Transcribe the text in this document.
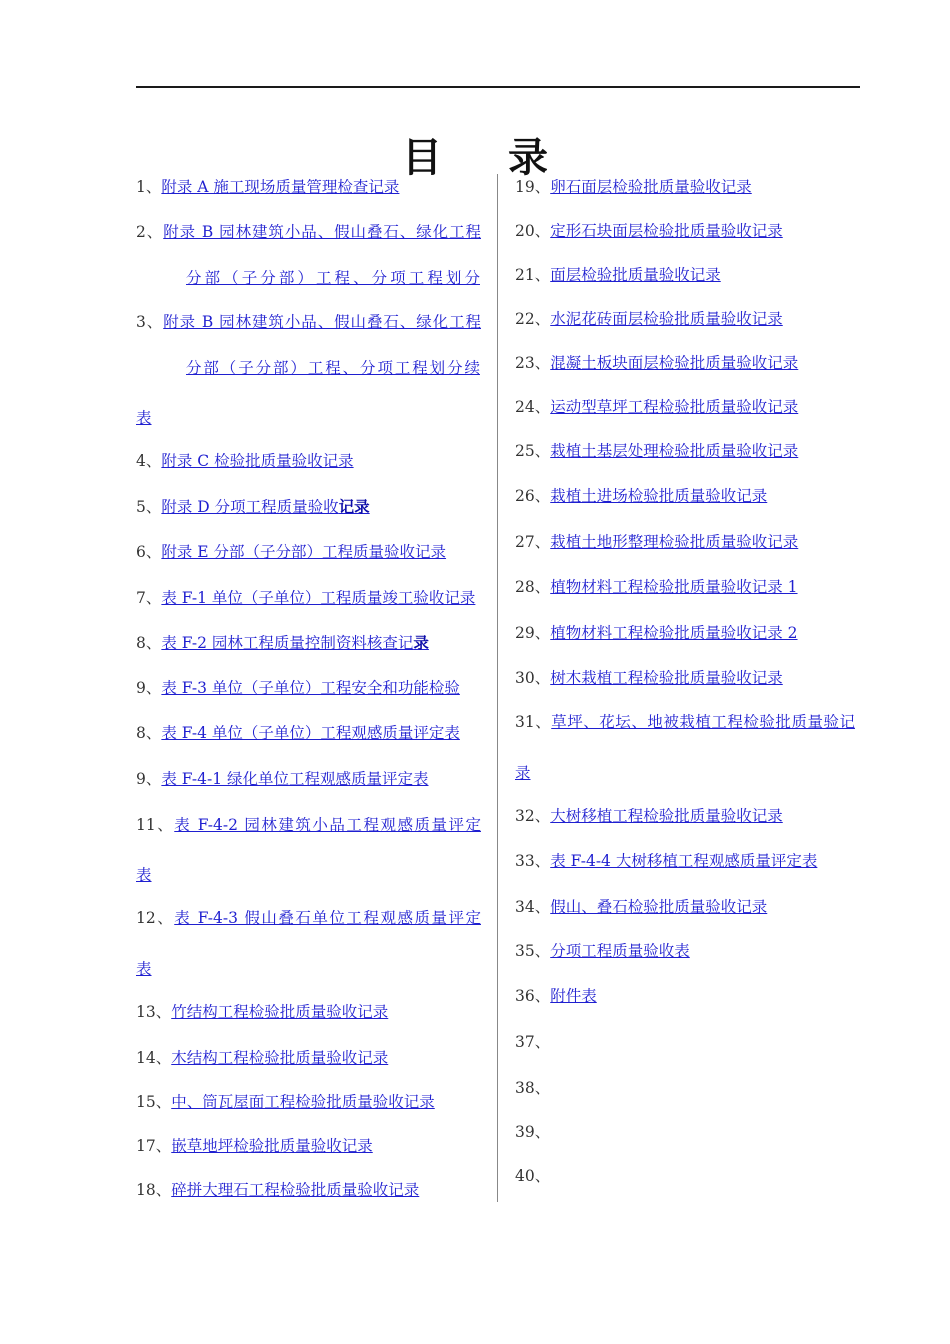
目 录
1、附录 A 施工现场质量管理检查记录
2、附录 B 园林建筑小品、假山叠石、绿化工程
分部（子分部）工程、分项工程划分
3、附录 B 园林建筑小品、假山叠石、绿化工程
分部（子分部）工程、分项工程划分续
表
4、附录 C 检验批质量验收记录
5、附录 D 分项工程质量验收记录
6、附录 E 分部（子分部）工程质量验收记录
7、表 F-1 单位（子单位）工程质量竣工验收记录
8、表 F-2 园林工程质量控制资料核查记录
9、表 F-3 单位（子单位）工程安全和功能检验
8、表 F-4 单位（子单位）工程观感质量评定表
9、表 F-4-1 绿化单位工程观感质量评定表
11、表 F-4-2 园林建筑小品工程观感质量评定
表
12、表 F-4-3 假山叠石单位工程观感质量评定
表
13、竹结构工程检验批质量验收记录
14、木结构工程检验批质量验收记录
15、中、筒瓦屋面工程检验批质量验收记录
17、嵌草地坪检验批质量验收记录
18、碎拼大理石工程检验批质量验收记录
19、卵石面层检验批质量验收记录
20、定形石块面层检验批质量验收记录
21、面层检验批质量验收记录
22、水泥花砖面层检验批质量验收记录
23、混凝土板块面层检验批质量验收记录
24、运动型草坪工程检验批质量验收记录
25、栽植土基层处理检验批质量验收记录
26、栽植土进场检验批质量验收记录
27、栽植土地形整理检验批质量验收记录
28、植物材料工程检验批质量验收记录 1
29、植物材料工程检验批质量验收记录 2
30、树木栽植工程检验批质量验收记录
31、草坪、花坛、地被栽植工程检验批质量验记
录
32、大树移植工程检验批质量验收记录
33、表 F-4-4 大树移植工程观感质量评定表
34、假山、叠石检验批质量验收记录
35、分项工程质量验收表
36、附件表
37、
38、
39、
40、
